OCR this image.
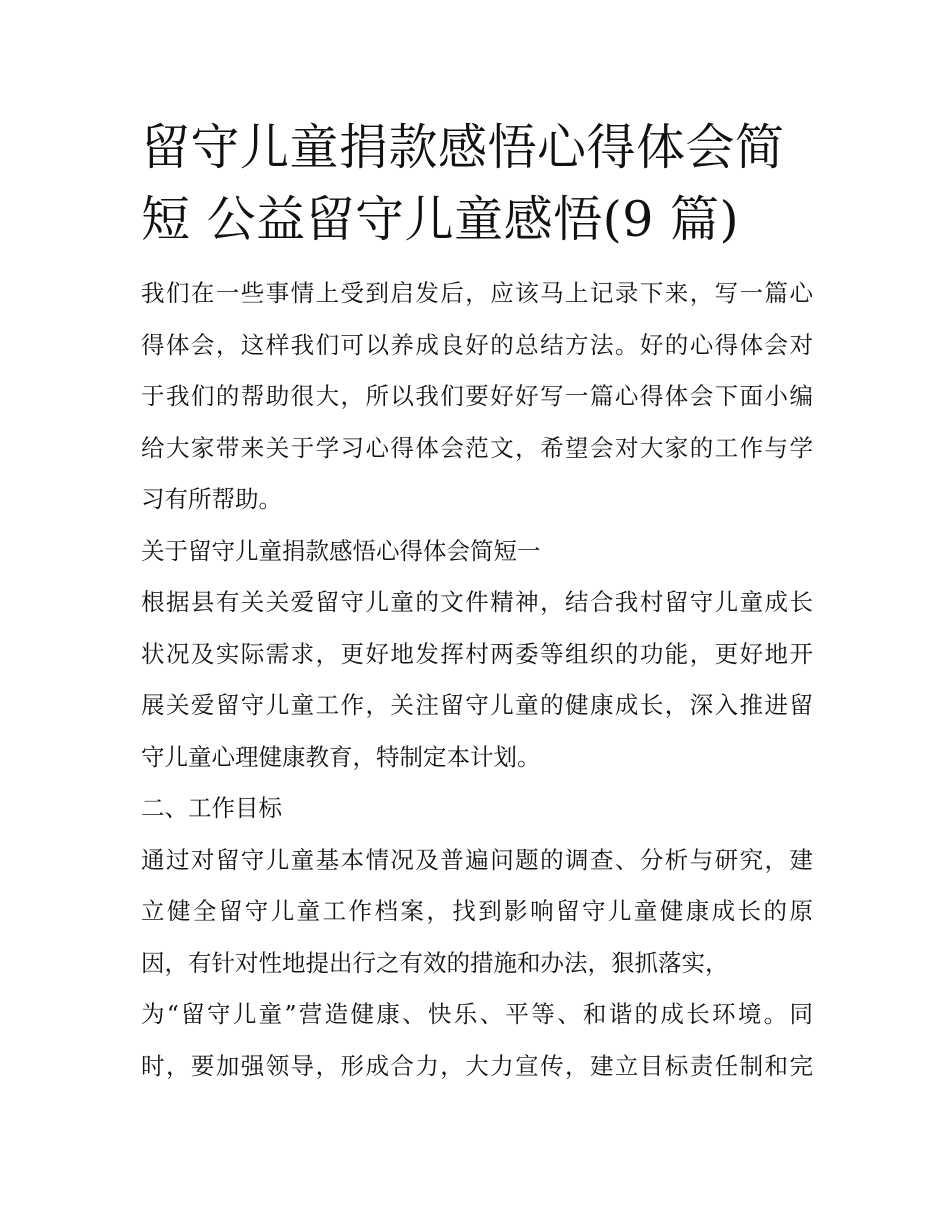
留守儿童捐款感悟心得体会简
短 公益留守儿童感悟(9 篇)
我们在一些事情上受到启发后，应该马上记录下来，写一篇心
得体会，这样我们可以养成良好的总结方法。好的心得体会对
于我们的帮助很大，所以我们要好好写一篇心得体会下面小编
给大家带来关于学习心得体会范文，希望会对大家的工作与学
习有所帮助。
关于留守儿童捐款感悟心得体会简短一
根据县有关关爱留守儿童的文件精神，结合我村留守儿童成长
状况及实际需求，更好地发挥村两委等组织的功能，更好地开
展关爱留守儿童工作，关注留守儿童的健康成长，深入推进留
守儿童心理健康教育，特制定本计划。
二、工作目标
通过对留守儿童基本情况及普遍问题的调查、分析与研究，建
立健全留守儿童工作档案，找到影响留守儿童健康成长的原
因，有针对性地提出行之有效的措施和办法，狠抓落实，
为“留守儿童”营造健康、快乐、平等、和谐的成长环境。同
时，要加强领导，形成合力，大力宣传，建立目标责任制和完
